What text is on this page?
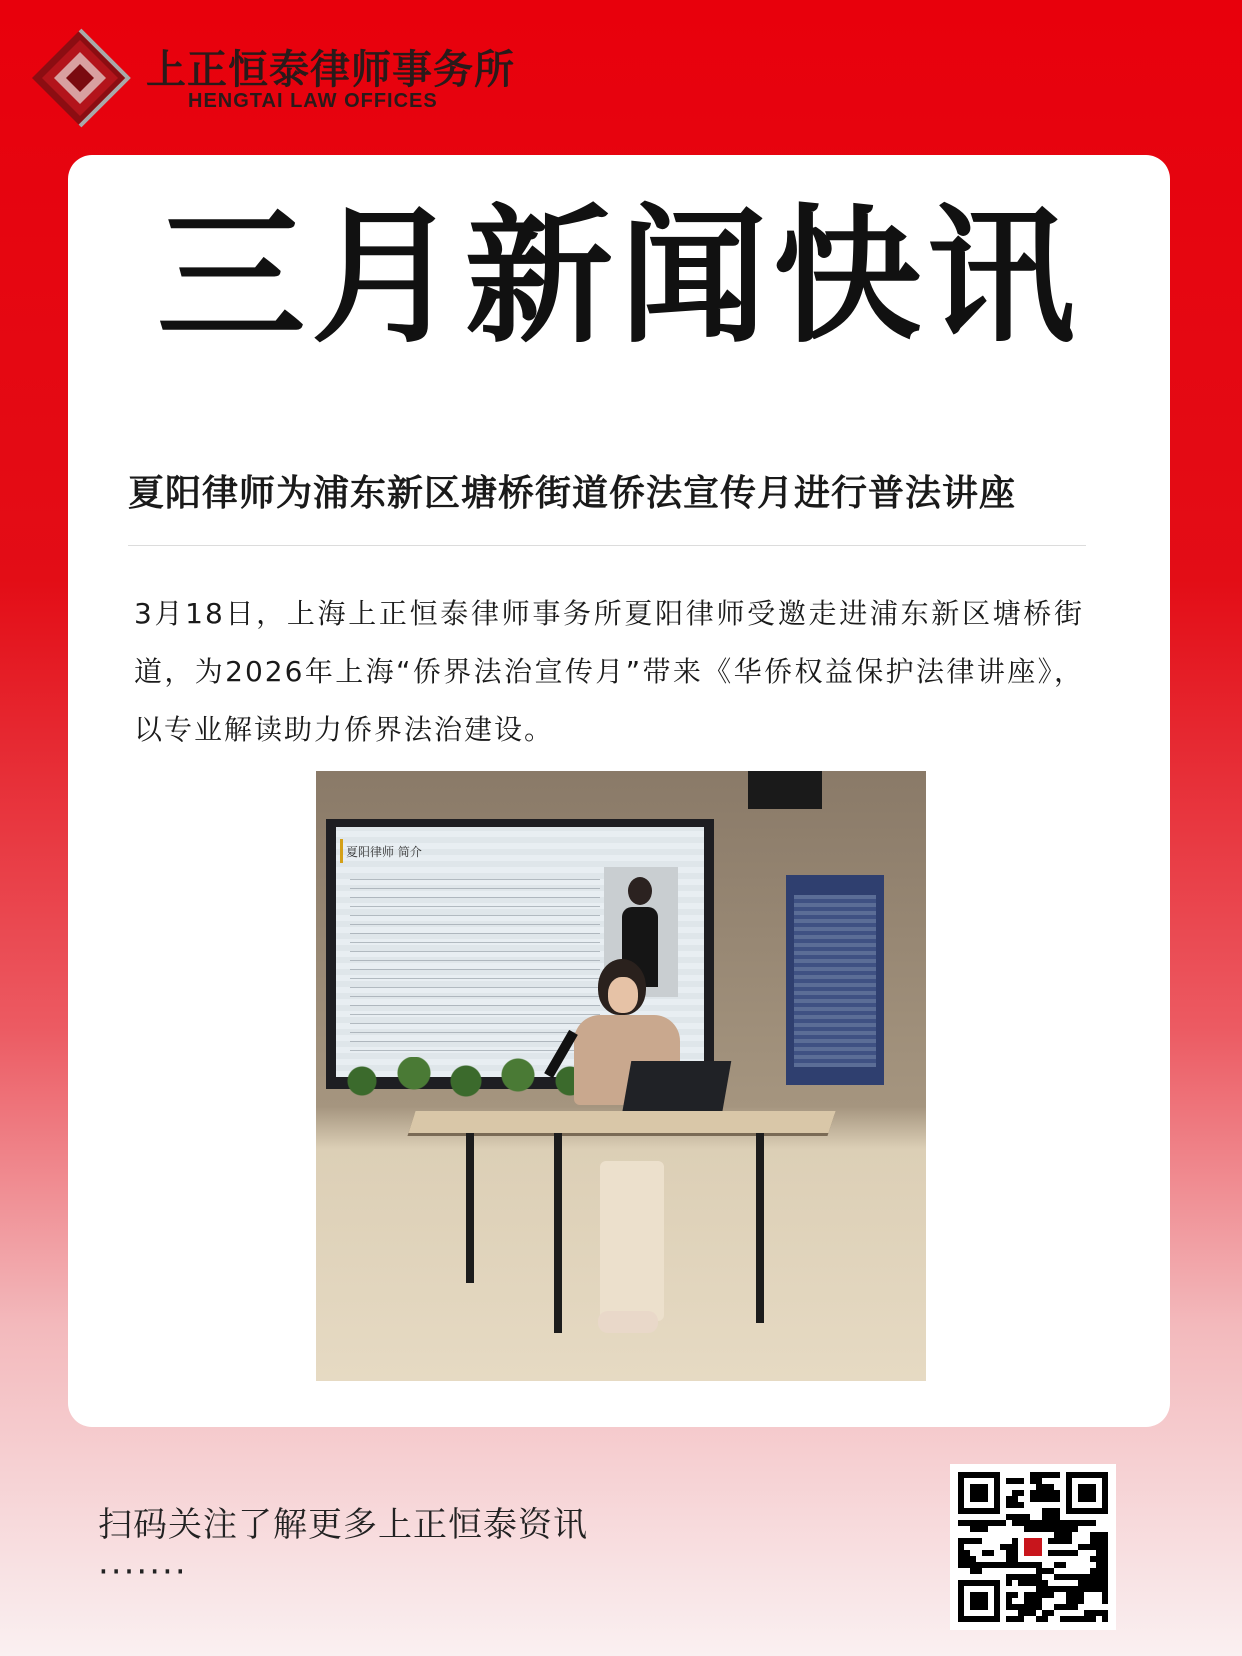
上正恒泰律师事务所
HENGTAI LAW OFFICES
三月新闻快讯
夏阳律师为浦东新区塘桥街道侨法宣传月进行普法讲座
3月18日，上海上正恒泰律师事务所夏阳律师受邀走进浦东新区塘桥街道，为2026年上海“侨界法治宣传月”带来《华侨权益保护法律讲座》，以专业解读助力侨界法治建设。
夏阳律师 简介
扫码关注了解更多上正恒泰资讯
·······
